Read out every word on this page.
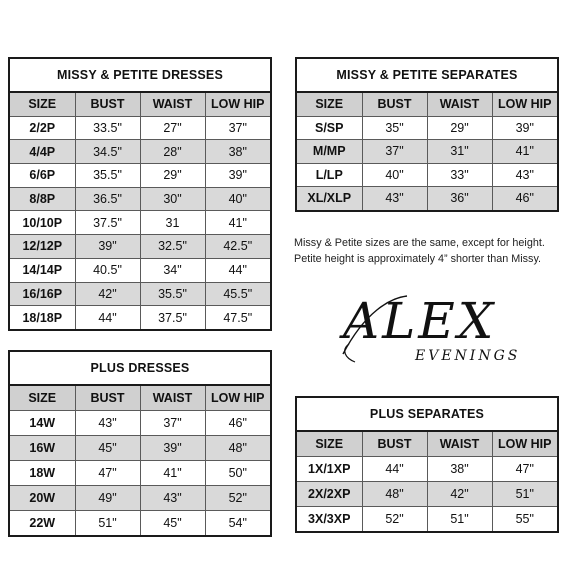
MISSY & PETITE DRESSES
SIZE	BUST	WAIST	LOW HIP
2/2P	33.5"	27"	37"
4/4P	34.5"	28"	38"
6/6P	35.5"	29"	39"
8/8P	36.5"	30"	40"
10/10P	37.5"	31	41"
12/12P	39"	32.5"	42.5"
14/14P	40.5"	34"	44"
16/16P	42"	35.5"	45.5"
18/18P	44"	37.5"	47.5"
MISSY & PETITE SEPARATES
SIZE	BUST	WAIST	LOW HIP
S/SP	35"	29"	39"
M/MP	37"	31"	41"
L/LP	40"	33"	43"
XL/XLP	43"	36"	46"
Missy & Petite sizes are the same, except for height.
Petite height is approximately 4” shorter than Missy.
ALEX
EVENINGS
PLUS DRESSES
SIZE	BUST	WAIST	LOW HIP
14W	43"	37"	46"
16W	45"	39"	48"
18W	47"	41"	50"
20W	49"	43"	52"
22W	51"	45"	54"
PLUS SEPARATES
SIZE	BUST	WAIST	LOW HIP
1X/1XP	44"	38"	47"
2X/2XP	48"	42"	51"
3X/3XP	52"	51"	55"
